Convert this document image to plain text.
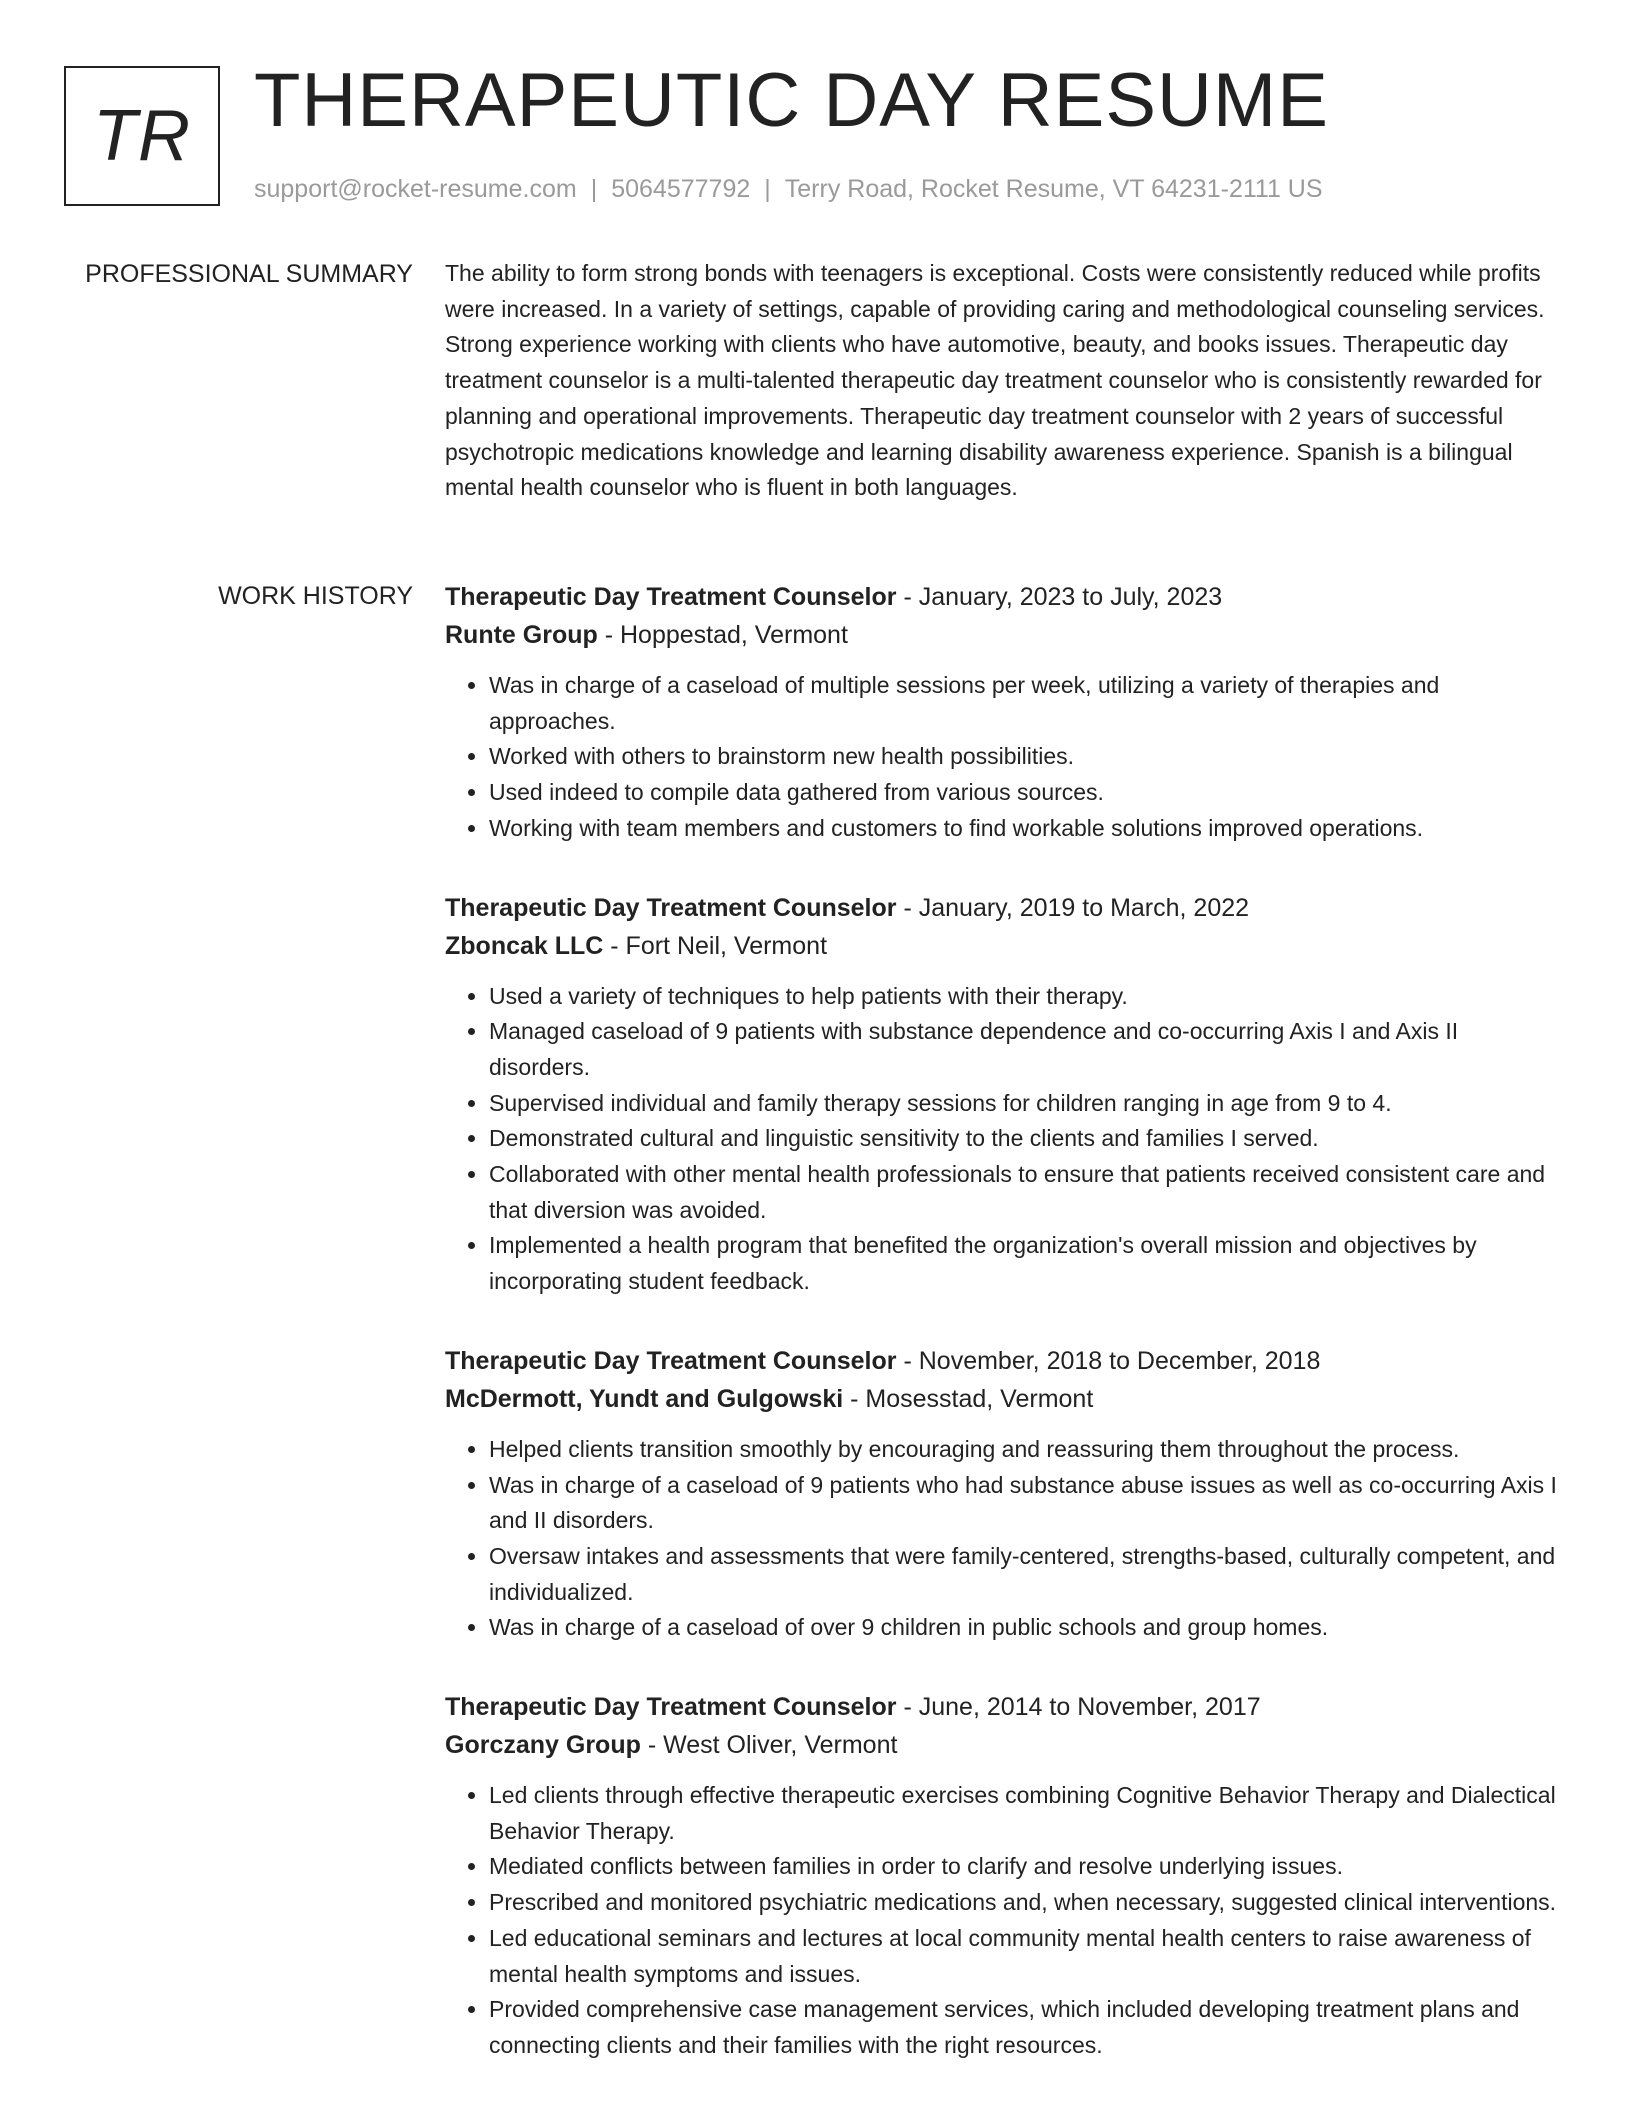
TR THERAPEUTIC DAY RESUME
support@rocket-resume.com | 5064577792 | Terry Road, Rocket Resume, VT 64231-2111 US
PROFESSIONAL SUMMARY The ability to form strong bonds with teenagers is exceptional. Costs were consistently reduced while profits were increased. In a variety of settings, capable of providing caring and methodological counseling services. Strong experience working with clients who have automotive, beauty, and books issues. Therapeutic day treatment counselor is a multi-talented therapeutic day treatment counselor who is consistently rewarded for planning and operational improvements. Therapeutic day treatment counselor with 2 years of successful psychotropic medications knowledge and learning disability awareness experience. Spanish is a bilingual mental health counselor who is fluent in both languages.

WORK HISTORY Therapeutic Day Treatment Counselor - January, 2023 to July, 2023
Runte Group - Hoppestad, Vermont
• Was in charge of a caseload of multiple sessions per week, utilizing a variety of therapies and approaches.
• Worked with others to brainstorm new health possibilities.
• Used indeed to compile data gathered from various sources.
• Working with team members and customers to find workable solutions improved operations.
Therapeutic Day Treatment Counselor - January, 2019 to March, 2022
Zboncak LLC - Fort Neil, Vermont
• Used a variety of techniques to help patients with their therapy.
• Managed caseload of 9 patients with substance dependence and co-occurring Axis I and Axis II disorders.
• Supervised individual and family therapy sessions for children ranging in age from 9 to 4.
• Demonstrated cultural and linguistic sensitivity to the clients and families I served.
• Collaborated with other mental health professionals to ensure that patients received consistent care and that diversion was avoided.
• Implemented a health program that benefited the organization's overall mission and objectives by incorporating student feedback.
Therapeutic Day Treatment Counselor - November, 2018 to December, 2018
McDermott, Yundt and Gulgowski - Mosesstad, Vermont
• Helped clients transition smoothly by encouraging and reassuring them throughout the process.
• Was in charge of a caseload of 9 patients who had substance abuse issues as well as co-occurring Axis I and II disorders.
• Oversaw intakes and assessments that were family-centered, strengths-based, culturally competent, and individualized.
• Was in charge of a caseload of over 9 children in public schools and group homes.
Therapeutic Day Treatment Counselor - June, 2014 to November, 2017
Gorczany Group - West Oliver, Vermont
• Led clients through effective therapeutic exercises combining Cognitive Behavior Therapy and Dialectical Behavior Therapy.
• Mediated conflicts between families in order to clarify and resolve underlying issues.
• Prescribed and monitored psychiatric medications and, when necessary, suggested clinical interventions.
• Led educational seminars and lectures at local community mental health centers to raise awareness of mental health symptoms and issues.
• Provided comprehensive case management services, which included developing treatment plans and connecting clients and their families with the right resources.
